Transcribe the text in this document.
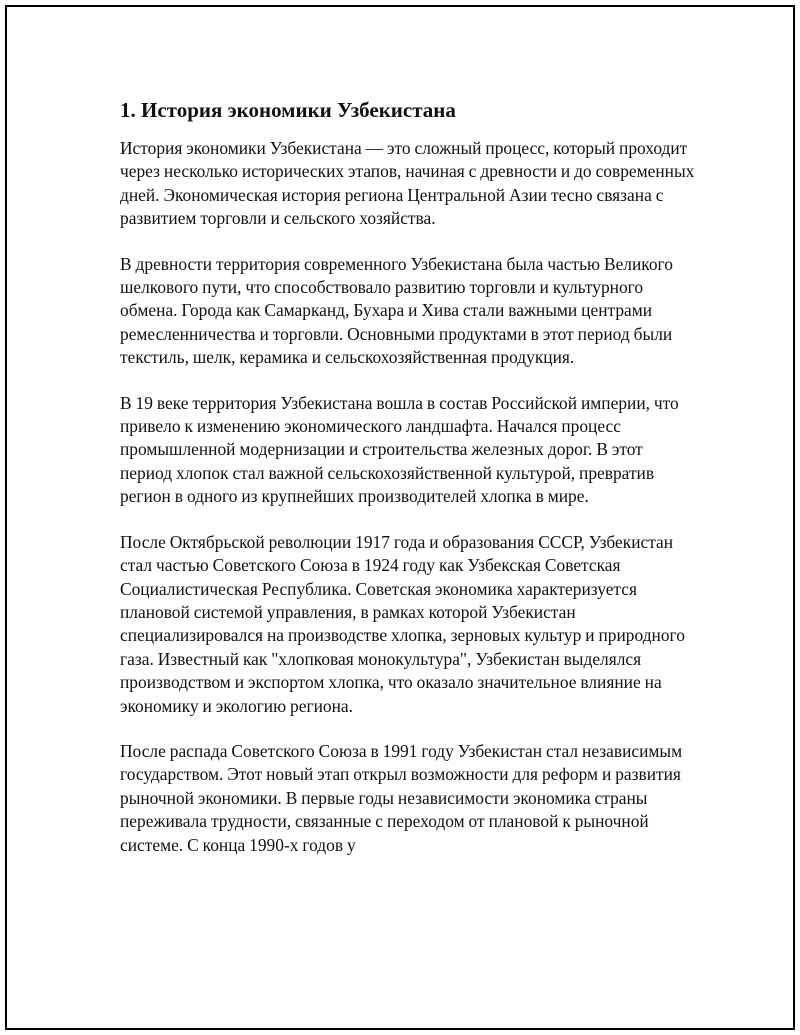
1. История экономики Узбекистана

История экономики Узбекистана — это сложный процесс, который проходит через несколько исторических этапов, начиная с древности и до современных дней. Экономическая история региона Центральной Азии тесно связана с развитием торговли и сельского хозяйства.

В древности территория современного Узбекистана была частью Великого шелкового пути, что способствовало развитию торговли и культурного обмена. Города как Самарканд, Бухара и Хива стали важными центрами ремесленничества и торговли. Основными продуктами в этот период были текстиль, шелк, керамика и сельскохозяйственная продукция.

В 19 веке территория Узбекистана вошла в состав Российской империи, что привело к изменению экономического ландшафта. Начался процесс промышленной модернизации и строительства железных дорог. В этот период хлопок стал важной сельскохозяйственной культурой, превратив регион в одного из крупнейших производителей хлопка в мире.

После Октябрьской революции 1917 года и образования СССР, Узбекистан стал частью Советского Союза в 1924 году как Узбекская Советская Социалистическая Республика. Советская экономика характеризуется плановой системой управления, в рамках которой Узбекистан специализировался на производстве хлопка, зерновых культур и природного газа. Известный как "хлопковая монокультура", Узбекистан выделялся производством и экспортом хлопка, что оказало значительное влияние на экономику и экологию региона.

После распада Советского Союза в 1991 году Узбекистан стал независимым государством. Этот новый этап открыл возможности для реформ и развития рыночной экономики. В первые годы независимости экономика страны переживала трудности, связанные с переходом от плановой к рыночной системе. С конца 1990-х годов у
